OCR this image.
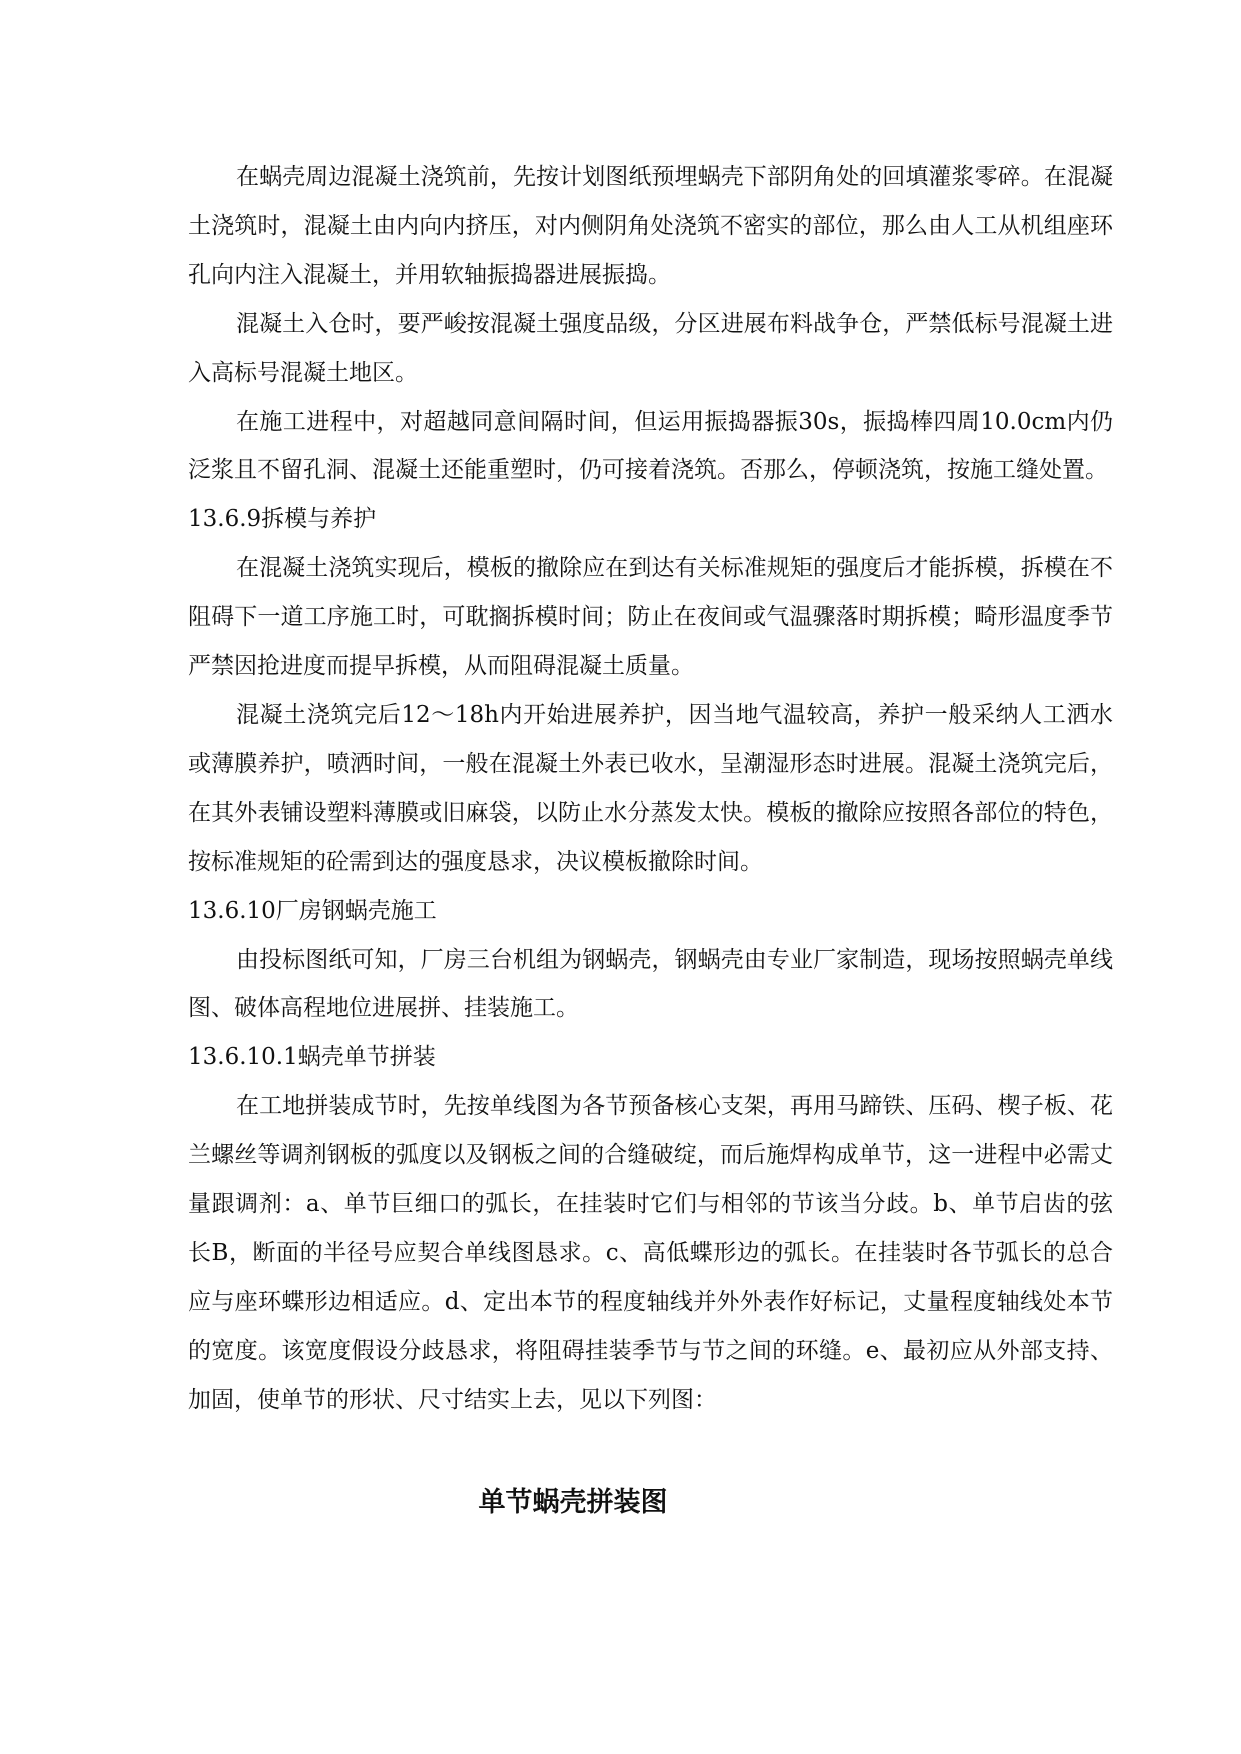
在蜗壳周边混凝土浇筑前，先按计划图纸预埋蜗壳下部阴角处的回填灌浆零碎。在混凝土浇筑时，混凝土由内向内挤压，对内侧阴角处浇筑不密实的部位，那么由人工从机组座环孔向内注入混凝土，并用软轴振捣器进展振捣。

混凝土入仓时，要严峻按混凝土强度品级，分区进展布料战争仓，严禁低标号混凝土进入高标号混凝土地区。

在施工进程中，对超越同意间隔时间，但运用振捣器振30s，振捣棒四周10.0cm内仍泛浆且不留孔洞、混凝土还能重塑时，仍可接着浇筑。否那么，停顿浇筑，按施工缝处置。

13.6.9拆模与养护

在混凝土浇筑实现后，模板的撤除应在到达有关标准规矩的强度后才能拆模，拆模在不阻碍下一道工序施工时，可耽搁拆模时间；防止在夜间或气温骤落时期拆模；畸形温度季节严禁因抢进度而提早拆模，从而阻碍混凝土质量。

混凝土浇筑完后12～18h内开始进展养护，因当地气温较高，养护一般采纳人工洒水或薄膜养护，喷洒时间，一般在混凝土外表已收水，呈潮湿形态时进展。混凝土浇筑完后，在其外表铺设塑料薄膜或旧麻袋，以防止水分蒸发太快。模板的撤除应按照各部位的特色，按标准规矩的砼需到达的强度恳求，决议模板撤除时间。

13.6.10厂房钢蜗壳施工

由投标图纸可知，厂房三台机组为钢蜗壳，钢蜗壳由专业厂家制造，现场按照蜗壳单线图、破体高程地位进展拼、挂装施工。

13.6.10.1蜗壳单节拼装

在工地拼装成节时，先按单线图为各节预备核心支架，再用马蹄铁、压码、楔子板、花兰螺丝等调剂钢板的弧度以及钢板之间的合缝破绽，而后施焊构成单节，这一进程中必需丈量跟调剂：a、单节巨细口的弧长，在挂装时它们与相邻的节该当分歧。b、单节启齿的弦长B，断面的半径号应契合单线图恳求。c、高低蝶形边的弧长。在挂装时各节弧长的总合应与座环蝶形边相适应。d、定出本节的程度轴线并外外表作好标记，丈量程度轴线处本节的宽度。该宽度假设分歧恳求，将阻碍挂装季节与节之间的环缝。e、最初应从外部支持、加固，使单节的形状、尺寸结实上去，见以下列图：

单节蜗壳拼装图
